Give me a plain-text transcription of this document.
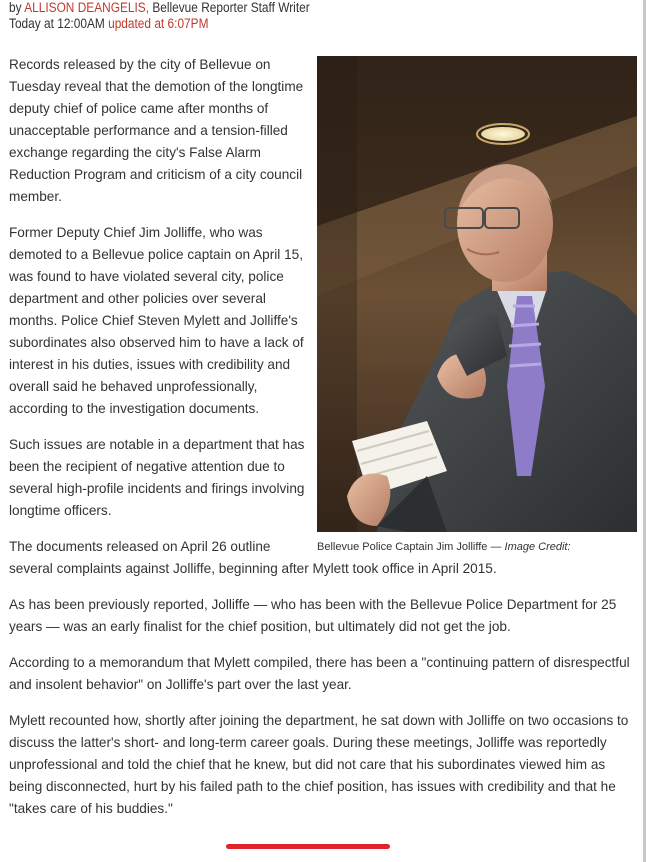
by ALLISON DEANGELIS, Bellevue Reporter Staff Writer
Today at 12:00AM updated at 6:07PM
Bellevue Police Captain Jim Jolliffe — Image Credit:

Records released by the city of Bellevue on Tuesday reveal that the demotion of the longtime deputy chief of police came after months of unacceptable performance and a tension-filled exchange regarding the city's False Alarm Reduction Program and criticism of a city council member.

Former Deputy Chief Jim Jolliffe, who was demoted to a Bellevue police captain on April 15, was found to have violated several city, police department and other policies over several months. Police Chief Steven Mylett and Jolliffe's subordinates also observed him to have a lack of interest in his duties, issues with credibility and overall said he behaved unprofessionally, according to the investigation documents.

Such issues are notable in a department that has been the recipient of negative attention due to several high-profile incidents and firings involving longtime officers.

The documents released on April 26 outline several complaints against Jolliffe, beginning after Mylett took office in April 2015.

As has been previously reported, Jolliffe — who has been with the Bellevue Police Department for 25 years — was an early finalist for the chief position, but ultimately did not get the job.

According to a memorandum that Mylett compiled, there has been a "continuing pattern of disrespectful and insolent behavior" on Jolliffe's part over the last year.

Mylett recounted how, shortly after joining the department, he sat down with Jolliffe on two occasions to discuss the latter's short- and long-term career goals. During these meetings, Jolliffe was reportedly unprofessional and told the chief that he knew, but did not care that his subordinates viewed him as being disconnected, hurt by his failed path to the chief position, has issues with credibility and that he "takes care of his buddies."
